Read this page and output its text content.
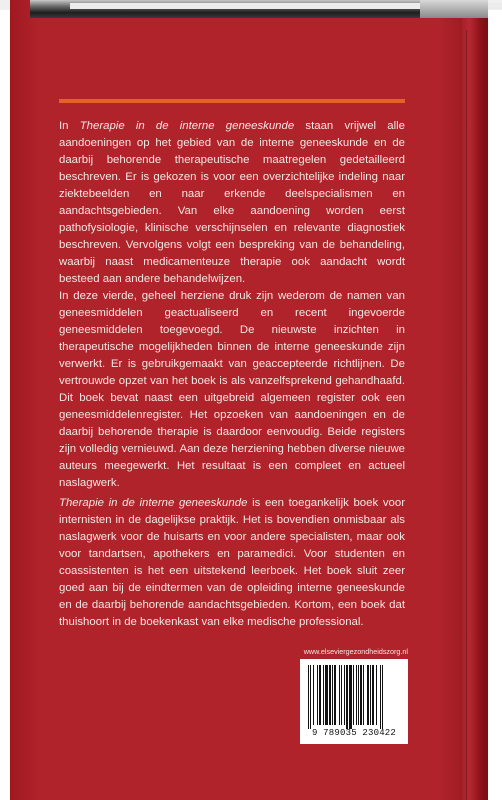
In Therapie in de interne geneeskunde staan vrijwel alle aandoeningen op het gebied van de interne geneeskunde en de daarbij behorende therapeutische maatregelen gedetailleerd beschreven. Er is gekozen is voor een overzichtelijke indeling naar ziektebeelden en naar erkende deelspecialismen en aandachtsgebieden. Van elke aandoening worden eerst pathofysiologie, klinische verschijnselen en relevante diagnostiek beschreven. Vervolgens volgt een bespreking van de behandeling, waarbij naast medicamenteuze therapie ook aandacht wordt besteed aan andere behandelwijzen.

In deze vierde, geheel herziene druk zijn wederom de namen van geneesmiddelen geactualiseerd en recent ingevoerde geneesmiddelen toegevoegd. De nieuwste inzichten in therapeutische mogelijkheden binnen de interne geneeskunde zijn verwerkt. Er is gebruikgemaakt van geaccepteerde richtlijnen. De vertrouwde opzet van het boek is als vanzelfsprekend gehandhaafd. Dit boek bevat naast een uitgebreid algemeen register ook een geneesmiddelenregister. Het opzoeken van aandoeningen en de daarbij behorende therapie is daardoor eenvoudig. Beide registers zijn volledig vernieuwd. Aan deze herziening hebben diverse nieuwe auteurs meegewerkt. Het resultaat is een compleet en actueel naslagwerk.

Therapie in de interne geneeskunde is een toegankelijk boek voor internisten in de dagelijkse praktijk. Het is bovendien onmisbaar als naslagwerk voor de huisarts en voor andere specialisten, maar ook voor tandartsen, apothekers en paramedici. Voor studenten en coassistenten is het een uitstekend leerboek. Het boek sluit zeer goed aan bij de eindtermen van de opleiding interne geneeskunde en de daarbij behorende aandachtsgebieden. Kortom, een boek dat thuishoort in de boekenkast van elke medische professional.

www.elseviergezondheidszorg.nl
9 789035 230422
